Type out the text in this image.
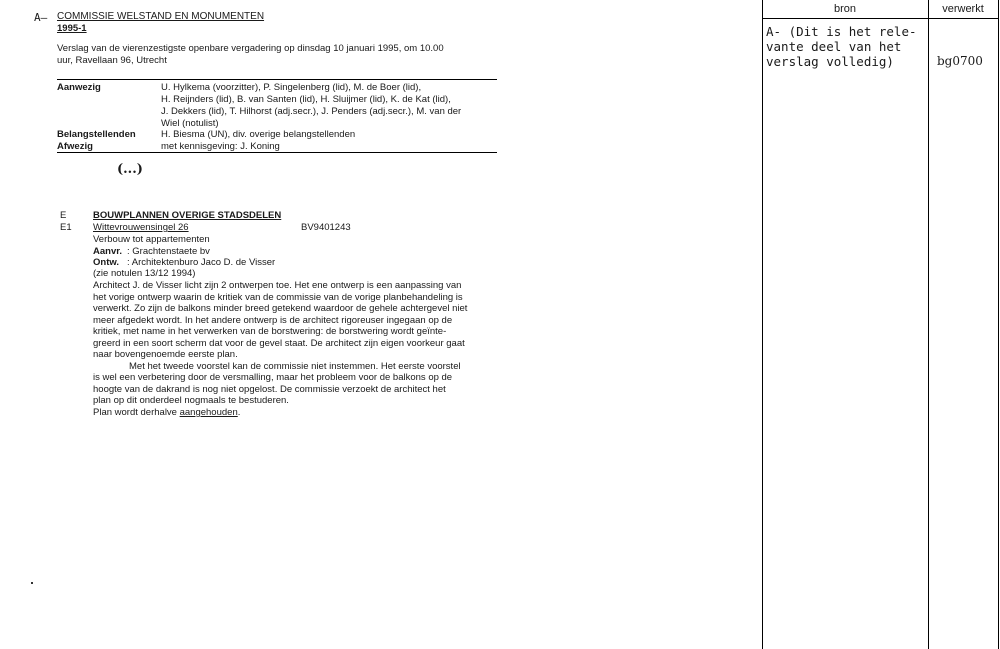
A— COMMISSIE WELSTAND EN MONUMENTEN
1995-1
Verslag van de vierenzestigste openbare vergadering op dinsdag 10 januari 1995, om 10.00
uur, Ravellaan 96, Utrecht
Aanwezig	U. Hylkema (voorzitter), P. Singelenberg (lid), M. de Boer (lid),
H. Reijnders (lid), B. van Santen (lid), H. Sluijmer (lid), K. de Kat (lid),
J. Dekkers (lid), T. Hilhorst (adj.secr.), J. Penders (adj.secr.), M. van der
Wiel (notulist)
Belangstellenden	H. Biesma (UN), div. overige belangstellenden
Afwezig	met kennisgeving: J. Koning
(...)
E	BOUWPLANNEN OVERIGE STADSDELEN
E1 Wittevrouwensingel 26	BV9401243
Verbouw tot appartementen
Aanvr. : Grachtenstaete bv
Ontw. : Architektenburo Jaco D. de Visser
(zie notulen 13/12 1994)
Architect J. de Visser licht zijn 2 ontwerpen toe. Het ene ontwerp is een aanpassing van
het vorige ontwerp waarin de kritiek van de commissie van de vorige planbehandeling is
verwerkt. Zo zijn de balkons minder breed getekend waardoor de gehele achtergevel niet
meer afgedekt wordt. In het andere ontwerp is de architect rigoreuser ingegaan op de
kritiek, met name in het verwerken van de borstwering: de borstwering wordt geïnte-
greerd in een soort scherm dat voor de gevel staat. De architect zijn eigen voorkeur gaat
naar bovengenoemde eerste plan.
Met het tweede voorstel kan de commissie niet instemmen. Het eerste voorstel
is wel een verbetering door de versmalling, maar het probleem voor de balkons op de
hoogte van de dakrand is nog niet opgelost. De commissie verzoekt de architect het
plan op dit onderdeel nogmaals te bestuderen.
Plan wordt derhalve aangehouden.
bron	verwerkt
A- (Dit is het rele-
vante deel van het
verslag volledig)	bg0700
